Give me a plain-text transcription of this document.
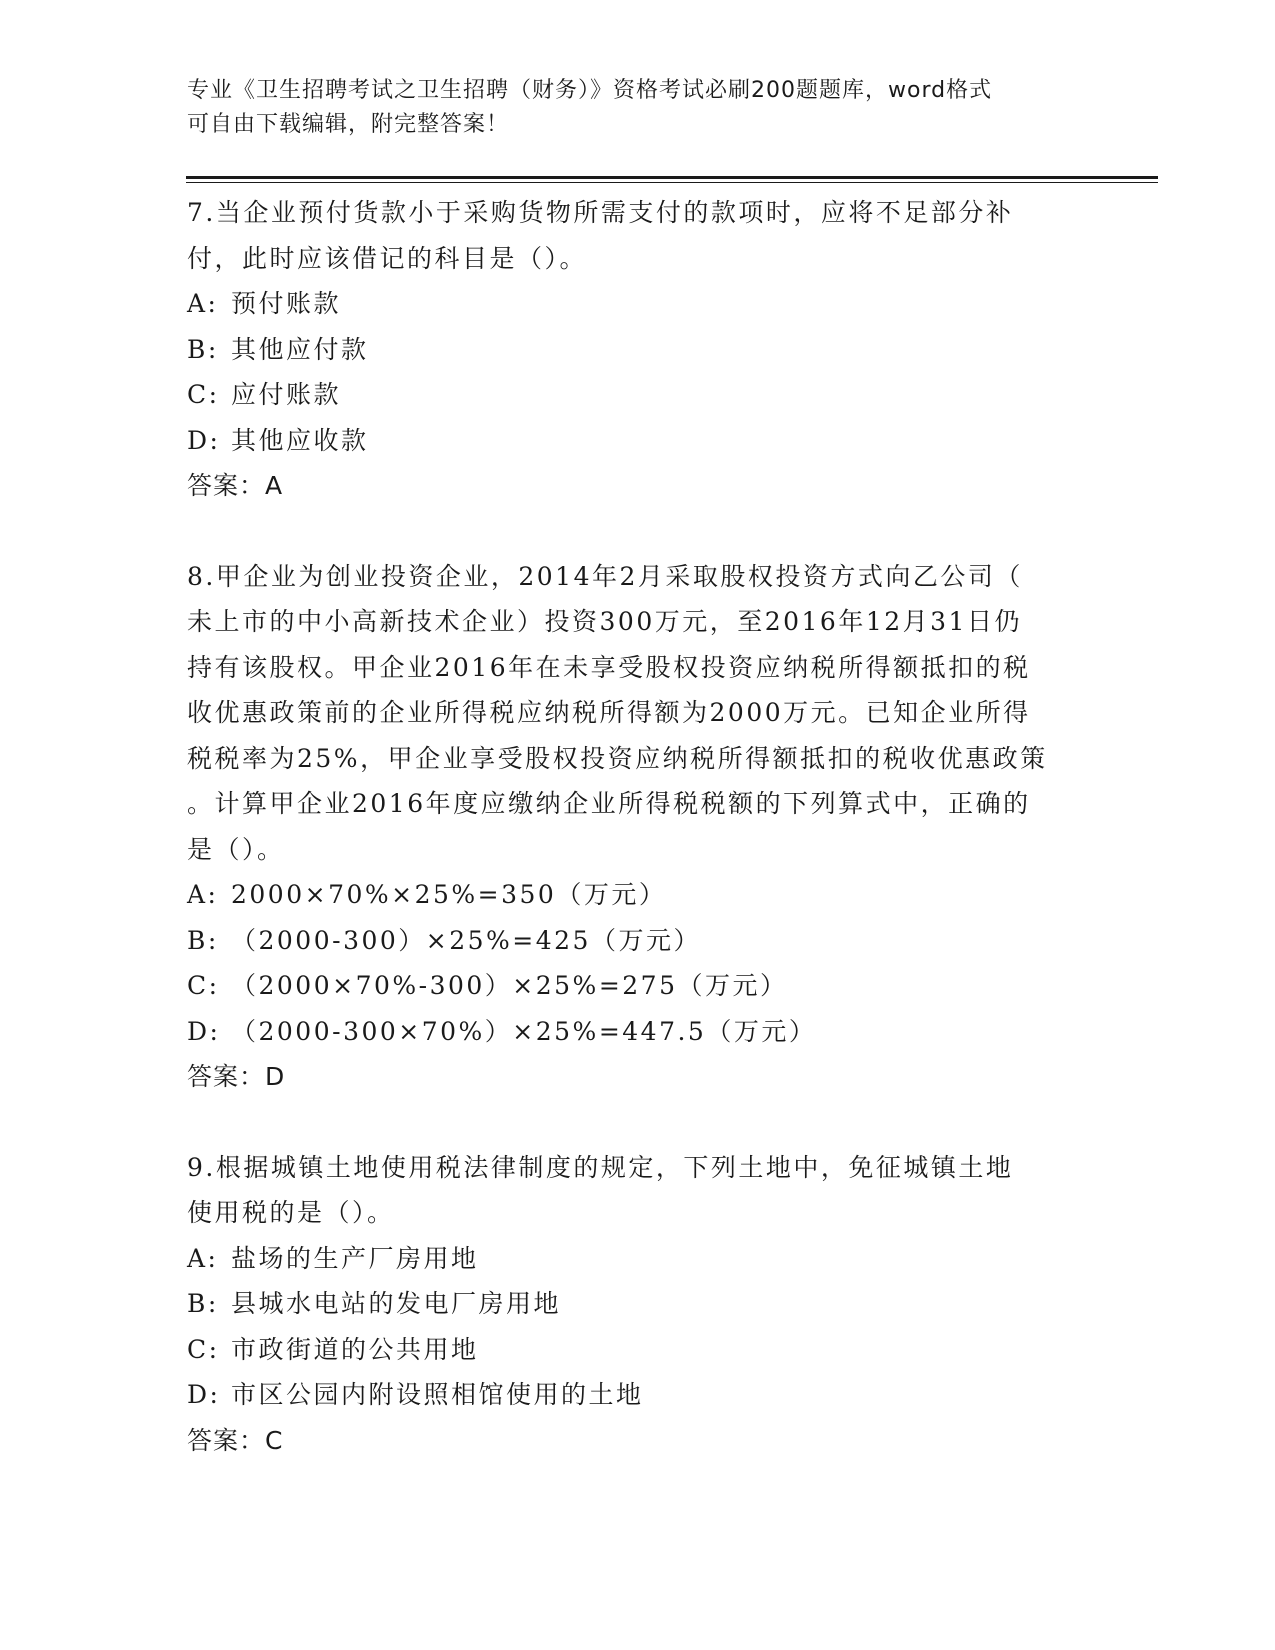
专业《卫生招聘考试之卫生招聘（财务）》资格考试必刷200题题库，word格式
可自由下载编辑，附完整答案！

7.当企业预付货款小于采购货物所需支付的款项时，应将不足部分补

付，此时应该借记的科目是（）。

A: 预付账款

B: 其他应付款

C: 应付账款

D: 其他应收款

答案：A

8.甲企业为创业投资企业，2014年2月采取股权投资方式向乙公司（

未上市的中小高新技术企业）投资300万元，至2016年12月31日仍

持有该股权。甲企业2016年在未享受股权投资应纳税所得额抵扣的税

收优惠政策前的企业所得税应纳税所得额为2000万元。已知企业所得

税税率为25%，甲企业享受股权投资应纳税所得额抵扣的税收优惠政策

。计算甲企业2016年度应缴纳企业所得税税额的下列算式中，正确的

是（）。

A: 2000×70%×25%=350（万元）

B: （2000-300）×25%=425（万元）

C: （2000×70%-300）×25%=275（万元）

D: （2000-300×70%）×25%=447.5（万元）

答案：D

9.根据城镇土地使用税法律制度的规定，下列土地中，免征城镇土地

使用税的是（）。

A: 盐场的生产厂房用地

B: 县城水电站的发电厂房用地

C: 市政街道的公共用地

D: 市区公园内附设照相馆使用的土地

答案：C
